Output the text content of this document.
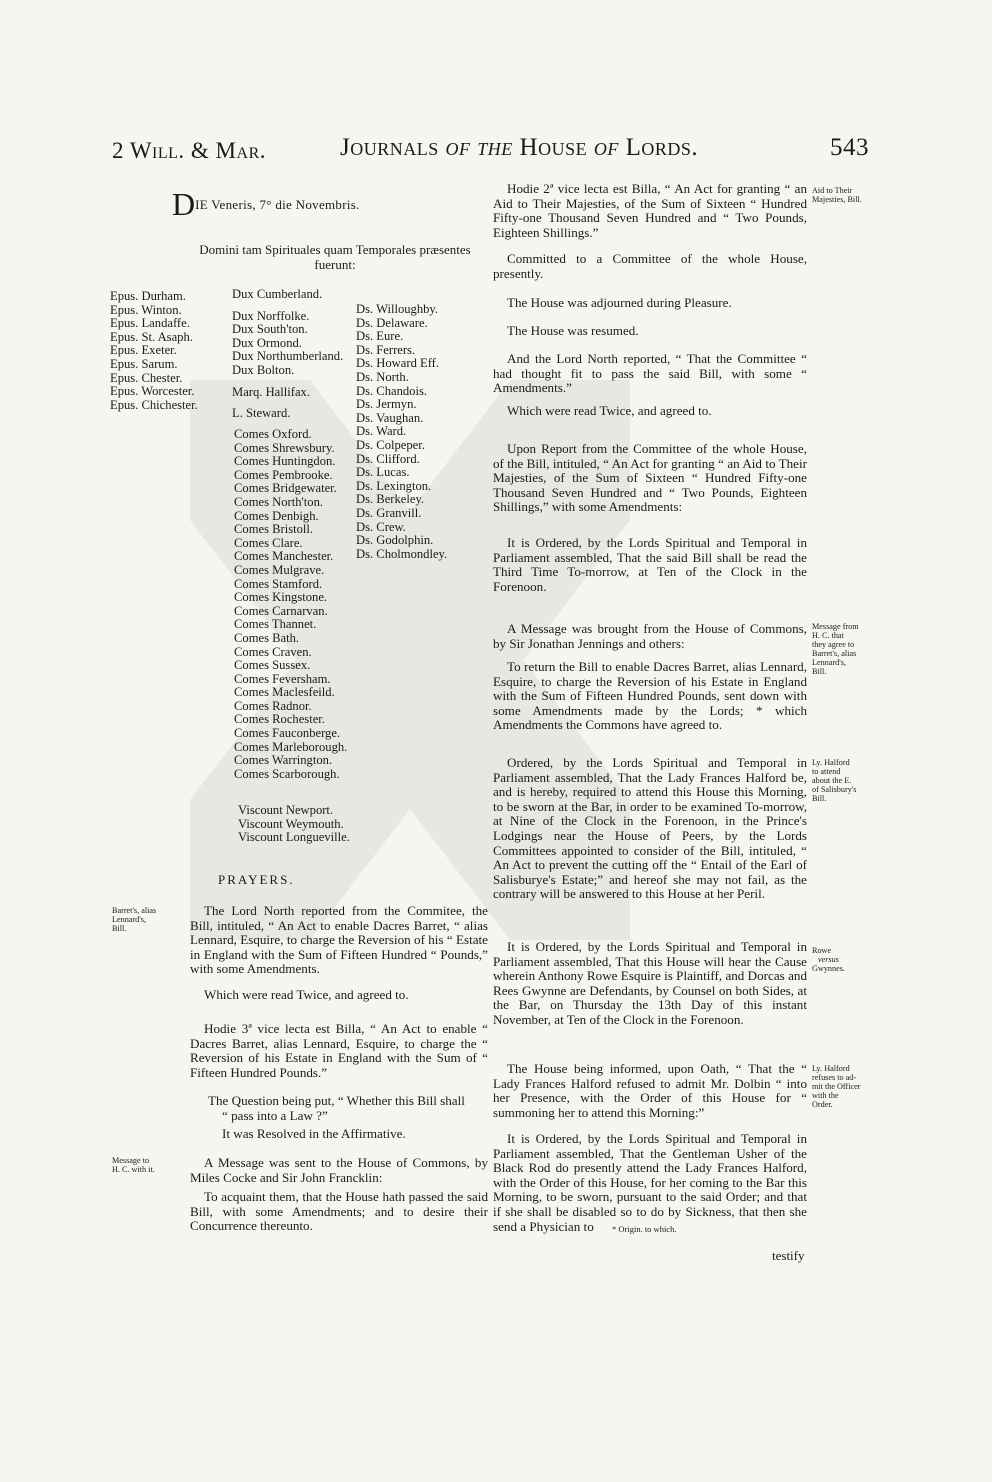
2 Will. & Mar.	Journals of the House of Lords.	543
DIE Veneris, 7° die Novembris.
Domini tam Spirituales quam Temporales præsentes
fuerunt:
Epus. Durham.
Epus. Winton.
Epus. Landaffe.
Epus. St. Asaph.
Epus. Exeter.
Epus. Sarum.
Epus. Chester.
Epus. Worcester.
Epus. Chichester.
Dux Cumberland.
Dux Norffolke.
Dux South'ton.
Dux Ormond.
Dux Northumberland.
Dux Bolton.
Marq. Hallifax.
L. Steward.
Comes Oxford.
Comes Shrewsbury.
Comes Huntingdon.
Comes Pembrooke.
Comes Bridgewater.
Comes North'ton.
Comes Denbigh.
Comes Bristoll.
Comes Clare.
Comes Manchester.
Comes Mulgrave.
Comes Stamford.
Comes Kingstone.
Comes Carnarvan.
Comes Thannet.
Comes Bath.
Comes Craven.
Comes Sussex.
Comes Feversham.
Comes Maclesfeild.
Comes Radnor.
Comes Rochester.
Comes Fauconberge.
Comes Marleborough.
Comes Warrington.
Comes Scarborough.
Viscount Newport.
Viscount Weymouth.
Viscount Longueville.
Ds. Willoughby.
Ds. Delaware.
Ds. Eure.
Ds. Ferrers.
Ds. Howard Eff.
Ds. North.
Ds. Chandois.
Ds. Jermyn.
Ds. Vaughan.
Ds. Ward.
Ds. Colpeper.
Ds. Clifford.
Ds. Lucas.
Ds. Lexington.
Ds. Berkeley.
Ds. Granvill.
Ds. Crew.
Ds. Godolphin.
Ds. Cholmondley.
PRAYERS.
Barret's, alias
Lennard's,
Bill.
The Lord North reported from the Commitee, the Bill, intituled, “ An Act to enable Dacres Barret, “ alias Lennard, Esquire, to charge the Reversion of his “ Estate in England with the Sum of Fifteen Hundred “ Pounds,” with some Amendments.
Which were read Twice, and agreed to.
Hodie 3ª vice lecta est Billa, “ An Act to enable “ Dacres Barret, alias Lennard, Esquire, to charge the “ Reversion of his Estate in England with the Sum of “ Fifteen Hundred Pounds.”
The Question being put, “ Whether this Bill shall
“ pass into a Law ?”
It was Resolved in the Affirmative.
Message to
H. C. with it.	A Message was sent to the House of Commons, by Miles Cocke and Sir John Francklin:
To acquaint them, that the House hath passed the said Bill, with some Amendments; and to desire their Concurrence thereunto.
Aid to Their
Majesties, Bill.
Hodie 2ª vice lecta est Billa, “ An Act for granting “ an Aid to Their Majesties, of the Sum of Sixteen “ Hundred Fifty-one Thousand Seven Hundred and “ Two Pounds, Eighteen Shillings.”
Committed to a Committee of the whole House, presently.
The House was adjourned during Pleasure.
The House was resumed.
And the Lord North reported, “ That the Committee “ had thought fit to pass the said Bill, with some “ Amendments.”
Which were read Twice, and agreed to.
Upon Report from the Committee of the whole House, of the Bill, intituled, “ An Act for granting “ an Aid to Their Majesties, of the Sum of Sixteen “ Hundred Fifty-one Thousand Seven Hundred and “ Two Pounds, Eighteen Shillings,” with some Amendments:
It is Ordered, by the Lords Spiritual and Temporal in Parliament assembled, That the said Bill shall be read the Third Time To-morrow, at Ten of the Clock in the Forenoon.
Message from
H. C. that
they agree to
Barret's, alias
Lennard's,
Bill.
A Message was brought from the House of Commons, by Sir Jonathan Jennings and others:
To return the Bill to enable Dacres Barret, alias Lennard, Esquire, to charge the Reversion of his Estate in England with the Sum of Fifteen Hundred Pounds, sent down with some Amendments made by the Lords; * which Amendments the Commons have agreed to.
Ly. Halford
to attend
about the E.
of Salisbury's
Bill.
Ordered, by the Lords Spiritual and Temporal in Parliament assembled, That the Lady Frances Halford be, and is hereby, required to attend this House this Morning, to be sworn at the Bar, in order to be examined To-morrow, at Nine of the Clock in the Forenoon, in the Prince's Lodgings near the House of Peers, by the Lords Committees appointed to consider of the Bill, intituled, “ An Act to prevent the cutting off the “ Entail of the Earl of Salisburye's Estate;” and hereof she may not fail, as the contrary will be answered to this House at her Peril.
Rowe
versus
Gwynnes.
It is Ordered, by the Lords Spiritual and Temporal in Parliament assembled, That this House will hear the Cause wherein Anthony Rowe Esquire is Plaintiff, and Dorcas and Rees Gwynne are Defendants, by Counsel on both Sides, at the Bar, on Thursday the 13th Day of this instant November, at Ten of the Clock in the Forenoon.
Ly. Halford
refuses to ad-
mit the Officer
with the
Order.
The House being informed, upon Oath, “ That the “ Lady Frances Halford refused to admit Mr. Dolbin “ into her Presence, with the Order of this House for “ summoning her to attend this Morning:”
It is Ordered, by the Lords Spiritual and Temporal in Parliament assembled, That the Gentleman Usher of the Black Rod do presently attend the Lady Frances Halford, with the Order of this House, for her coming to the Bar this Morning, to be sworn, pursuant to the said Order; and that if she shall be disabled so to do by Sickness, that then she send a Physician to	* Origin. to which.
testify
